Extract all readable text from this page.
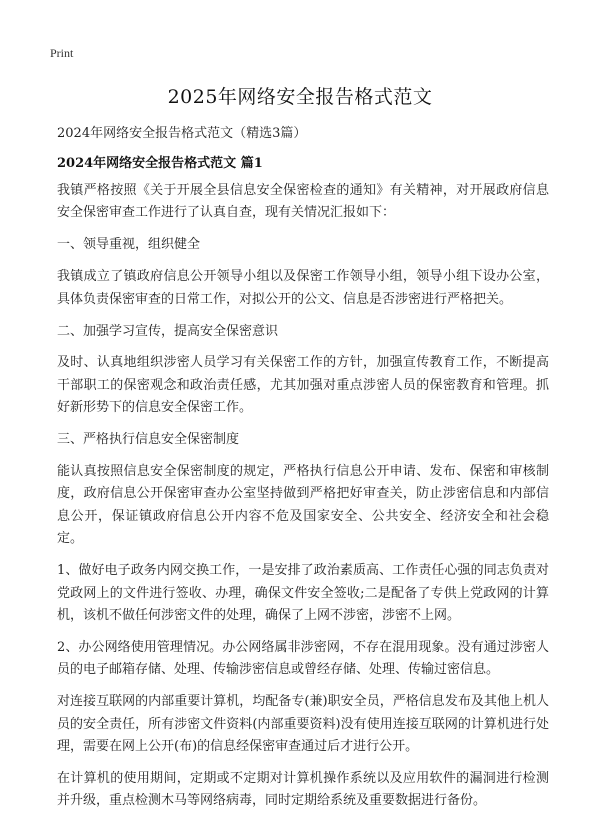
Print
2025年网络安全报告格式范文
2024年网络安全报告格式范文（精选3篇）
2024年网络安全报告格式范文 篇1

我镇严格按照《关于开展全县信息安全保密检查的通知》有关精神，对开展政府信息安全保密审查工作进行了认真自查，现有关情况汇报如下：

一、领导重视，组织健全

我镇成立了镇政府信息公开领导小组以及保密工作领导小组，领导小组下设办公室，具体负责保密审查的日常工作，对拟公开的公文、信息是否涉密进行严格把关。

二、加强学习宣传，提高安全保密意识

及时、认真地组织涉密人员学习有关保密工作的方针，加强宣传教育工作，不断提高干部职工的保密观念和政治责任感，尤其加强对重点涉密人员的保密教育和管理。抓好新形势下的信息安全保密工作。

三、严格执行信息安全保密制度

能认真按照信息安全保密制度的规定，严格执行信息公开申请、发布、保密和审核制度，政府信息公开保密审查办公室坚持做到严格把好审查关，防止涉密信息和内部信息公开，保证镇政府信息公开内容不危及国家安全、公共安全、经济安全和社会稳定。

1、做好电子政务内网交换工作，一是安排了政治素质高、工作责任心强的同志负责对党政网上的文件进行签收、办理，确保文件安全签收;二是配备了专供上党政网的计算机，该机不做任何涉密文件的处理，确保了上网不涉密，涉密不上网。

2、办公网络使用管理情况。办公网络属非涉密网，不存在混用现象。没有通过涉密人员的电子邮箱存储、处理、传输涉密信息或曾经存储、处理、传输过密信息。

对连接互联网的内部重要计算机，均配备专(兼)职安全员，严格信息发布及其他上机人员的安全责任，所有涉密文件资料(内部重要资料)没有使用连接互联网的计算机进行处理，需要在网上公开(布)的信息经保密审查通过后才进行公开。

在计算机的使用期间，定期或不定期对计算机操作系统以及应用软件的漏洞进行检测并升级，重点检测木马等网络病毒，同时定期给系统及重要数据进行备份。
